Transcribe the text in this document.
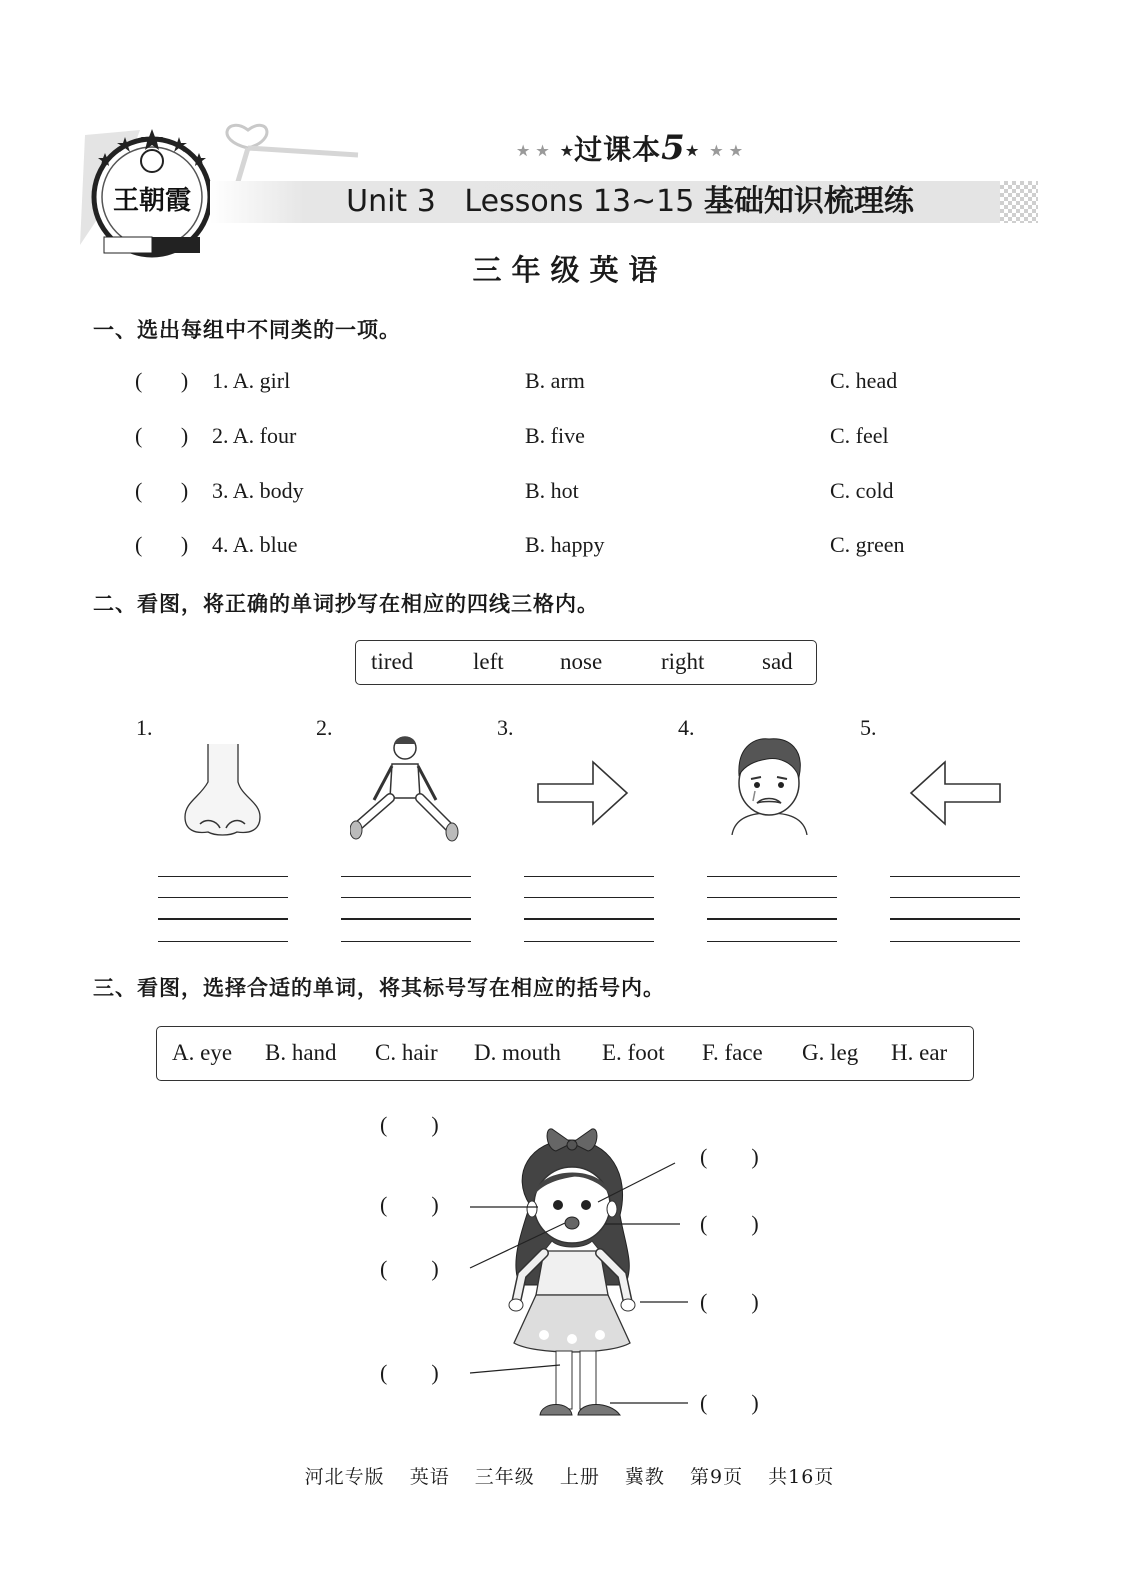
王朝霞
★ ★ ★过课本5★ ★ ★
Unit 3 Lessons 13~15 基础知识梳理练
三年级英语
一、选出每组中不同类的一项。
(       ) 1. A. girl	B. arm	C. head
(       ) 2. A. four	B. five	C. feel
(       ) 3. A. body	B. hot	C. cold
(       ) 4. A. blue	B. happy	C. green
二、看图，将正确的单词抄写在相应的四线三格内。
tired	left nose	right	sad
1.	2.	3.	4.	5.
三、看图，选择合适的单词，将其标号写在相应的括号内。
A. eye B. hand C. hair D. mouth E. foot F. face G. leg H. ear
(        )
(        )
(        )
(        )
(        )
(        )
(        )
(        )
河北专版 英语 三年级 上册 冀教 第9页 共16页
